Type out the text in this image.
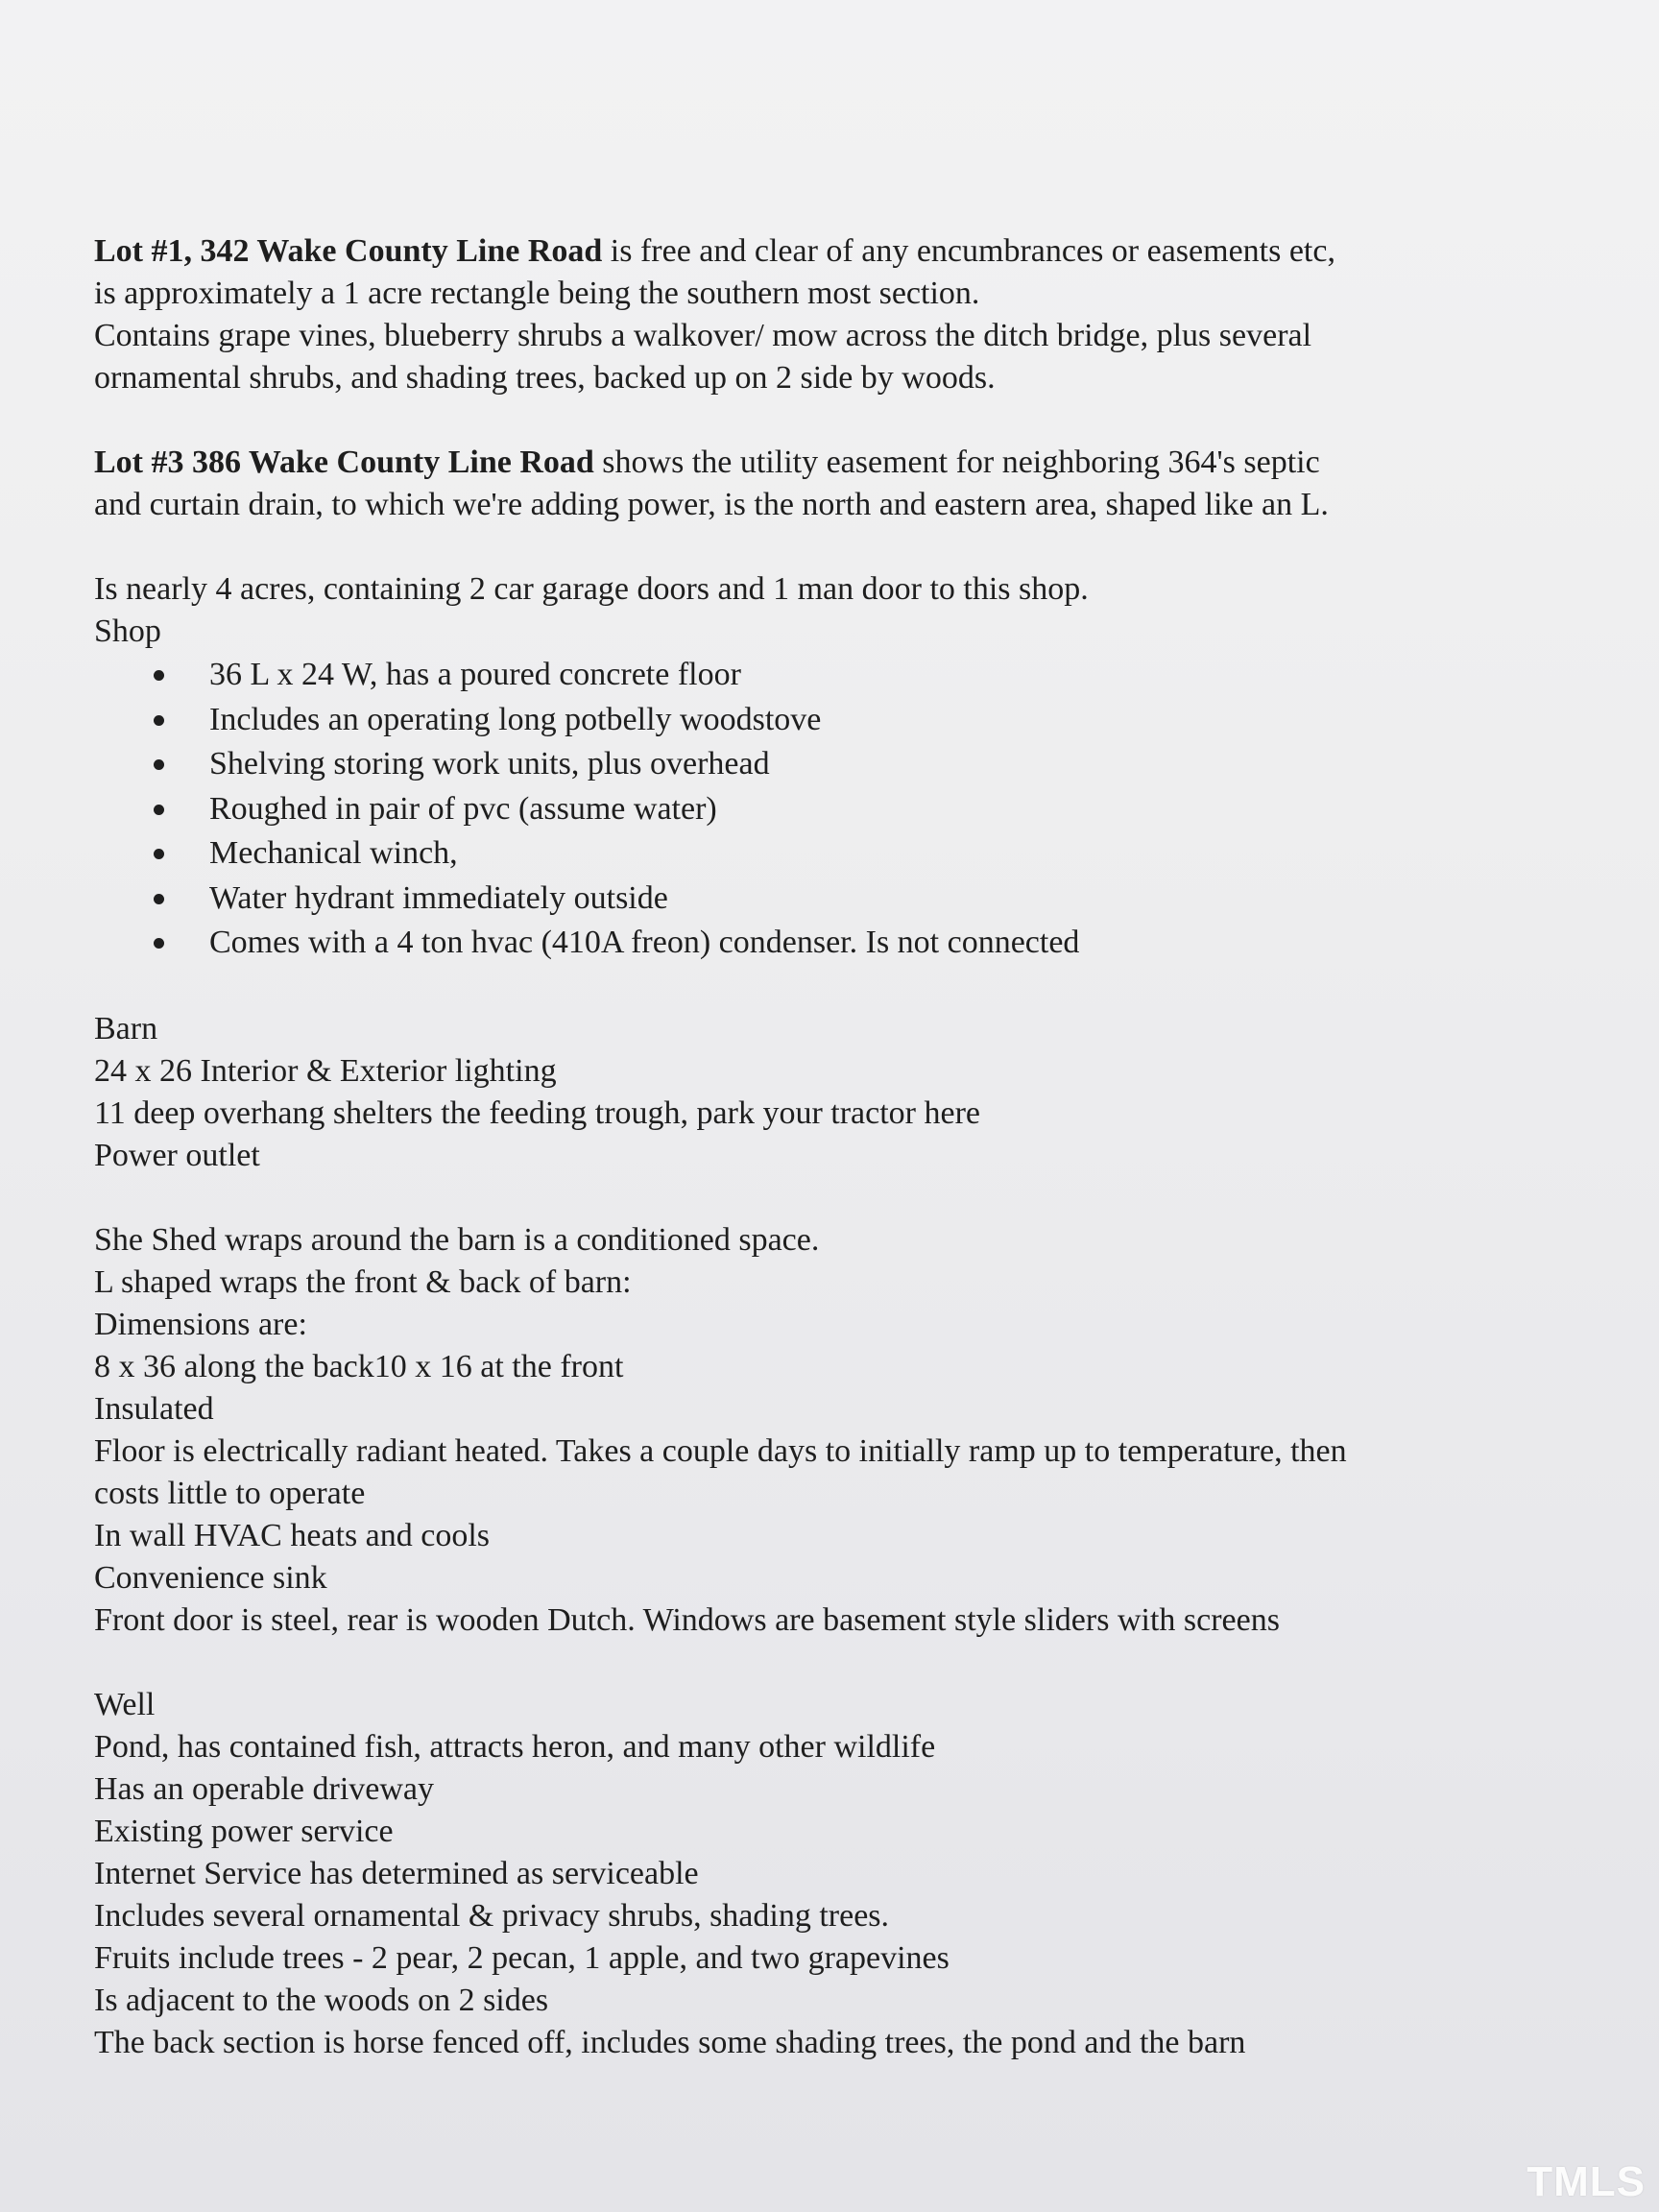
Lot #1, 342 Wake County Line Road is free and clear of any encumbrances or easements etc,

is approximately a 1 acre rectangle being the southern most section.

Contains grape vines, blueberry shrubs a walkover/ mow across the ditch bridge, plus several

ornamental shrubs, and shading trees, backed up on 2 side by woods.

Lot #3 386 Wake County Line Road shows the utility easement for neighboring 364's septic

and curtain drain, to which we're adding power, is the north and eastern area, shaped like an L.

Is nearly 4 acres, containing 2 car garage doors and 1 man door to this shop.

Shop

36 L x 24 W, has a poured concrete floor
Includes an operating long potbelly woodstove
Shelving storing work units, plus overhead
Roughed in pair of pvc (assume water)
Mechanical winch,
Water hydrant immediately outside
Comes with a 4 ton hvac (410A freon) condenser. Is not connected

Barn

24 x 26 Interior & Exterior lighting

11 deep overhang shelters the feeding trough, park your tractor here

Power outlet

She Shed wraps around the barn is a conditioned space.

L shaped wraps the front & back of barn:

Dimensions are:

8 x 36 along the back10 x 16 at the front

Insulated

Floor is electrically radiant heated. Takes a couple days to initially ramp up to temperature, then

costs little to operate

In wall HVAC heats and cools

Convenience sink

Front door is steel, rear is wooden Dutch. Windows are basement style sliders with screens

Well

Pond, has contained fish, attracts heron, and many other wildlife

Has an operable driveway

Existing power service

Internet Service has determined as serviceable

Includes several ornamental & privacy shrubs, shading trees.

Fruits include trees - 2 pear, 2 pecan, 1 apple, and two grapevines

Is adjacent to the woods on 2 sides

The back section is horse fenced off, includes some shading trees, the pond and the barn

TMLS
